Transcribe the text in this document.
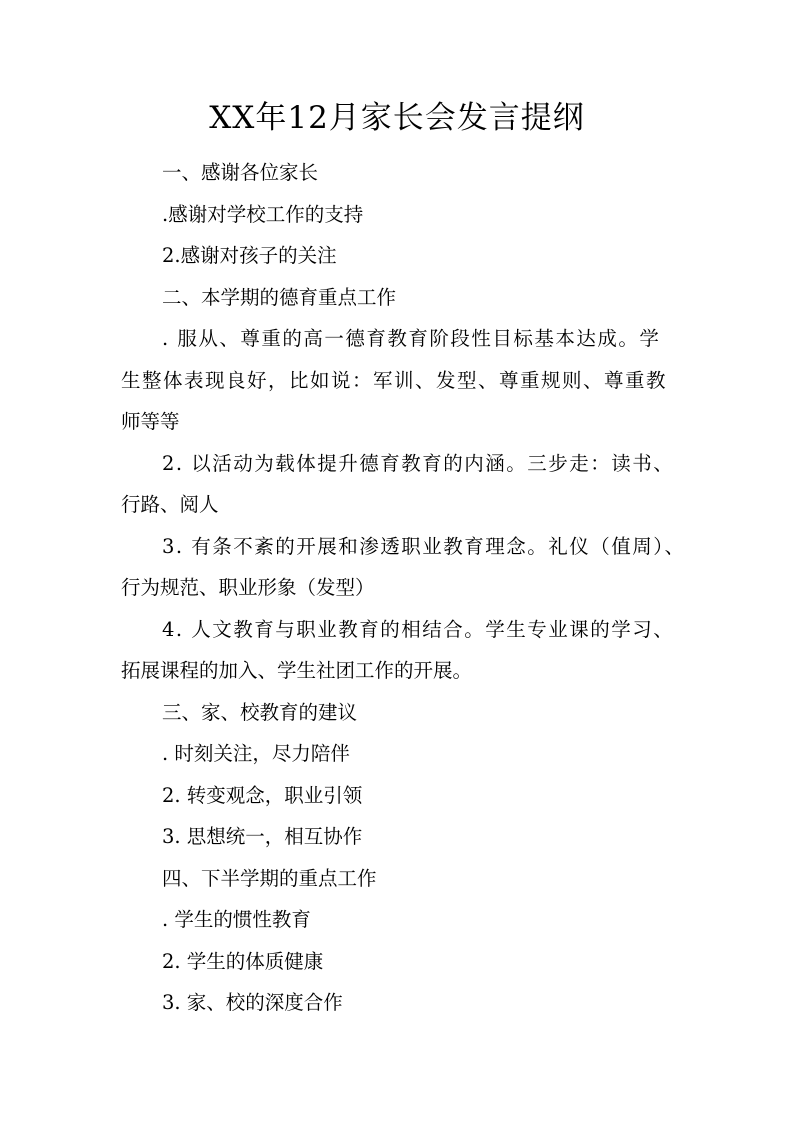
XX年12月家长会发言提纲
一、感谢各位家长
.感谢对学校工作的支持
2.感谢对孩子的关注
二、本学期的德育重点工作
. 服从、尊重的高一德育教育阶段性目标基本达成。学
生整体表现良好，比如说：军训、发型、尊重规则、尊重教
师等等
2. 以活动为载体提升德育教育的内涵。三步走：读书、
行路、阅人
3. 有条不紊的开展和渗透职业教育理念。礼仪（值周）、
行为规范、职业形象（发型）
4. 人文教育与职业教育的相结合。学生专业课的学习、
拓展课程的加入、学生社团工作的开展。
三、家、校教育的建议
. 时刻关注，尽力陪伴
2. 转变观念，职业引领
3. 思想统一，相互协作
四、下半学期的重点工作
. 学生的惯性教育
2. 学生的体质健康
3. 家、校的深度合作
